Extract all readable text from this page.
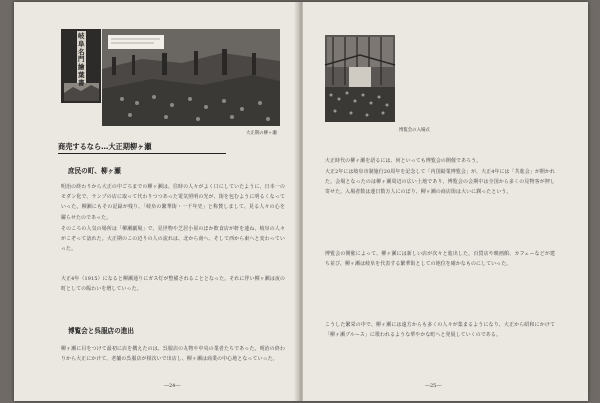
岐阜名門繪葉書
大正期の柳ヶ瀬
商売するなら…大正期柳ヶ瀬
庶民の町、柳ヶ瀬
明治の終わりから大正の中ごろまでの柳ヶ瀬は、往時の人々がよく口にしていたように、日本一のモダン化で、ランプの店に取って代わりつつあった電気照明の光が、街を包むように明るくなっていった。柳瀬にもその記録が残り、「岐阜の繁華街・一千年史」と称賛しまして、見る人々の心を躍らせたのであった。
そのころの人気の場所は「柳瀬劇場」で、見世物や芝居小屋のほか飲食店が軒を連ね、岐阜の人々がこぞって訪れた。大正期のこの辺りの人の流れは、北から南へ、そして西から東へと変わっていった。
大正4年（1915）になると柳瀬通りにガス灯が整備されることとなった。それに伴い柳ヶ瀬は夜の町としての賑わいを増していった。
博覧会と呉服店の進出
柳ヶ瀬に目をつけて最初に店を構えたのは、呉服店の丸物や中央の業者たちであった。明治の終わりから大正にかけて、老舗の呉服店が相次いで出店し、柳ヶ瀬は商業の中心地となっていった。
―24―
博覧会の入場式
大正時代の柳ヶ瀬を語るには、何といっても博覧会の開催であろう。
大正2年には岐阜市制施行20周年を記念して「内国勧業博覧会」が、大正4年には「共進会」が開かれた。会場となったのは柳ヶ瀬周辺の広い土地であり、博覧会の会期中は全国から多くの見物客が押し寄せた。入場者数は連日数万人にのぼり、柳ヶ瀬の商店街は大いに潤ったという。
博覧会の開催によって、柳ヶ瀬には新しい店が次々と進出した。百貨店や映画館、カフェーなどが建ち並び、柳ヶ瀬は岐阜を代表する繁華街としての地位を確かなものにしていった。
こうした繁栄の中で、柳ヶ瀬には遠方からも多くの人々が集まるようになり、大正から昭和にかけて「柳ヶ瀬ブルース」に歌われるような華やかな町へと発展していくのである。
―25―
